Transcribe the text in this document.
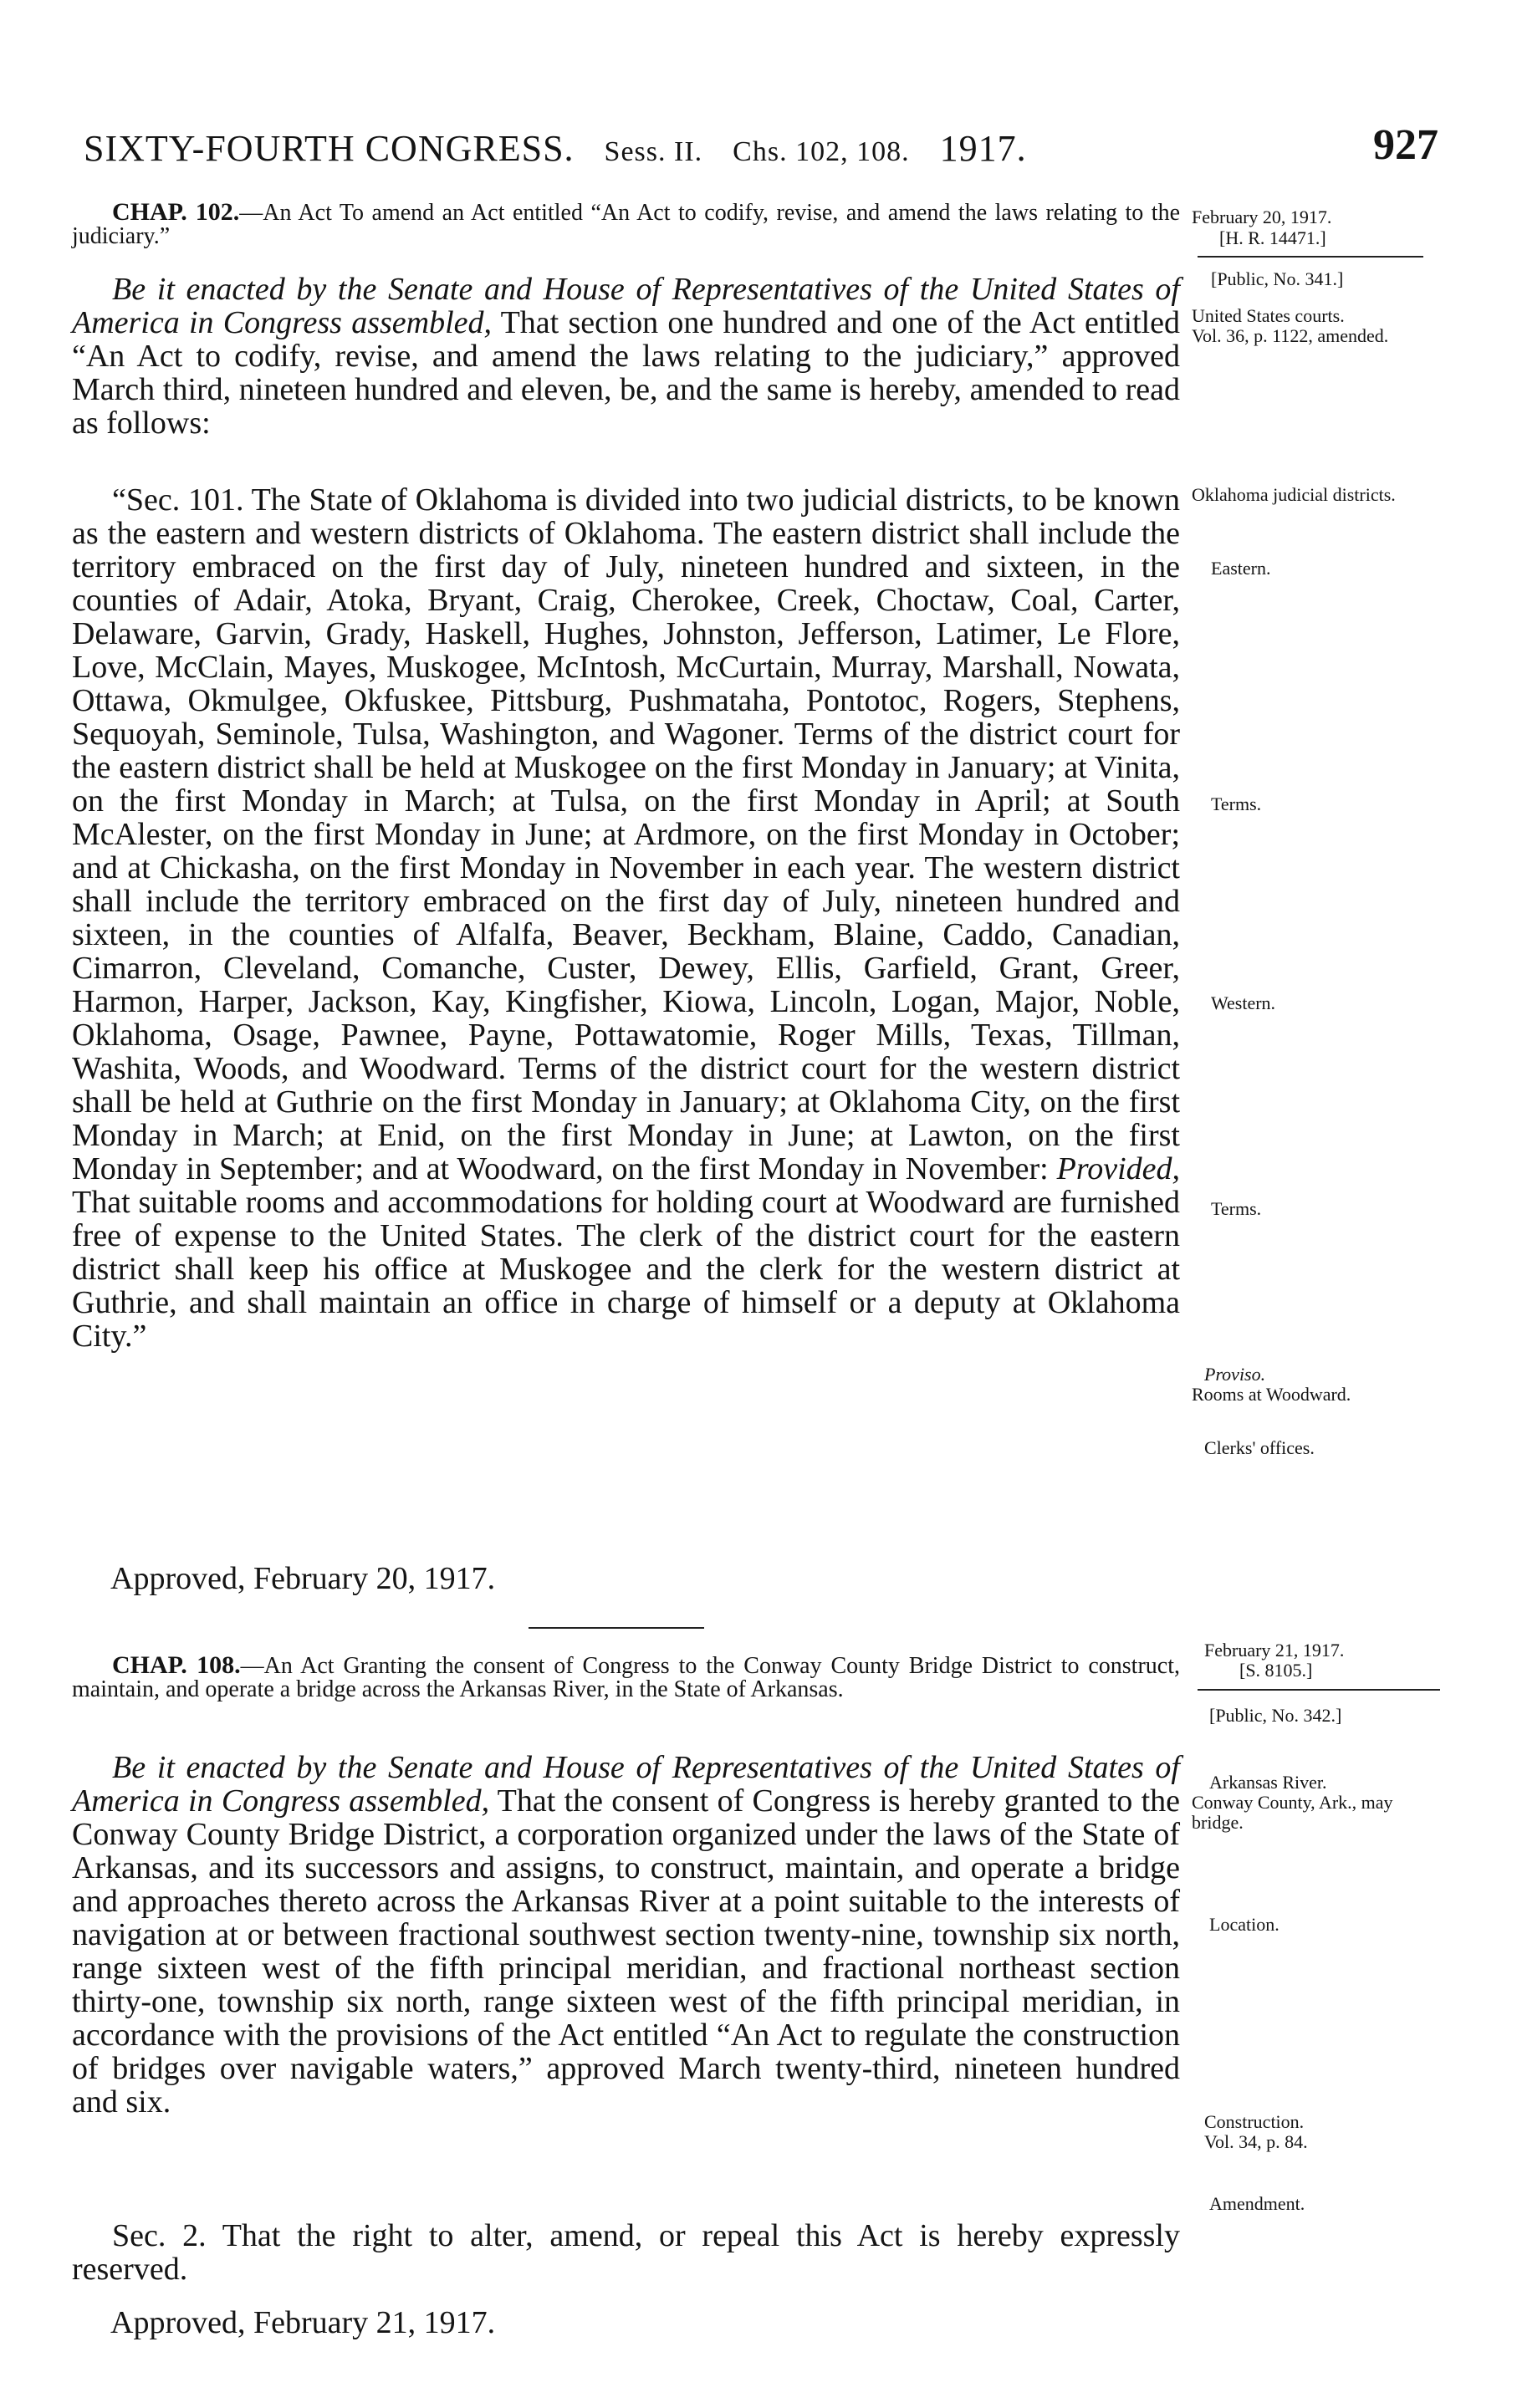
SIXTY-FOURTH CONGRESS. Sess. II. Chs. 102, 108. 1917.	927

CHAP. 102.—An Act To amend an Act entitled “An Act to codify, revise, and amend the laws relating to the judiciary.”

Be it enacted by the Senate and House of Representatives of the United States of America in Congress assembled, That section one hundred and one of the Act entitled “An Act to codify, revise, and amend the laws relating to the judiciary,” approved March third, nineteen hundred and eleven, be, and the same is hereby, amended to read as follows:

“Sec. 101. The State of Oklahoma is divided into two judicial districts, to be known as the eastern and western districts of Oklahoma. The eastern district shall include the territory embraced on the first day of July, nineteen hundred and sixteen, in the counties of Adair, Atoka, Bryant, Craig, Cherokee, Creek, Choctaw, Coal, Carter, Delaware, Garvin, Grady, Haskell, Hughes, Johnston, Jefferson, Latimer, Le Flore, Love, McClain, Mayes, Muskogee, McIntosh, McCurtain, Murray, Marshall, Nowata, Ottawa, Okmulgee, Okfuskee, Pittsburg, Pushmataha, Pontotoc, Rogers, Stephens, Sequoyah, Seminole, Tulsa, Washington, and Wagoner. Terms of the district court for the eastern district shall be held at Muskogee on the first Monday in January; at Vinita, on the first Monday in March; at Tulsa, on the first Monday in April; at South McAlester, on the first Monday in June; at Ardmore, on the first Monday in October; and at Chickasha, on the first Monday in November in each year. The western district shall include the territory embraced on the first day of July, nineteen hundred and sixteen, in the counties of Alfalfa, Beaver, Beckham, Blaine, Caddo, Canadian, Cimarron, Cleveland, Comanche, Custer, Dewey, Ellis, Garfield, Grant, Greer, Harmon, Harper, Jackson, Kay, Kingfisher, Kiowa, Lincoln, Logan, Major, Noble, Oklahoma, Osage, Pawnee, Payne, Pottawatomie, Roger Mills, Texas, Tillman, Washita, Woods, and Woodward. Terms of the district court for the western district shall be held at Guthrie on the first Monday in January; at Oklahoma City, on the first Monday in March; at Enid, on the first Monday in June; at Lawton, on the first Monday in September; and at Woodward, on the first Monday in November: Provided, That suitable rooms and accommodations for holding court at Woodward are furnished free of expense to the United States. The clerk of the district court for the eastern district shall keep his office at Muskogee and the clerk for the western district at Guthrie, and shall maintain an office in charge of himself or a deputy at Oklahoma City.”

Approved, February 20, 1917.
February 20, 1917.
[H. R. 14471.]
[Public, No. 341.]
United States courts.
Vol. 36, p. 1122, amended.
Oklahoma judicial districts.
Eastern.
Terms.
Western.
Terms.
Proviso.
Rooms at Woodward.
Clerks' offices.

CHAP. 108.—An Act Granting the consent of Congress to the Conway County Bridge District to construct, maintain, and operate a bridge across the Arkansas River, in the State of Arkansas.

Be it enacted by the Senate and House of Representatives of the United States of America in Congress assembled, That the consent of Congress is hereby granted to the Conway County Bridge District, a corporation organized under the laws of the State of Arkansas, and its successors and assigns, to construct, maintain, and operate a bridge and approaches thereto across the Arkansas River at a point suitable to the interests of navigation at or between fractional southwest section twenty-nine, township six north, range sixteen west of the fifth principal meridian, and fractional northeast section thirty-one, township six north, range sixteen west of the fifth principal meridian, in accordance with the provisions of the Act entitled “An Act to regulate the construction of bridges over navigable waters,” approved March twenty-third, nineteen hundred and six.

Sec. 2. That the right to alter, amend, or repeal this Act is hereby expressly reserved.

Approved, February 21, 1917.
February 21, 1917.
[S. 8105.]
[Public, No. 342.]
Arkansas River.
Conway County, Ark., may bridge.
Location.
Construction.
Vol. 34, p. 84.
Amendment.
